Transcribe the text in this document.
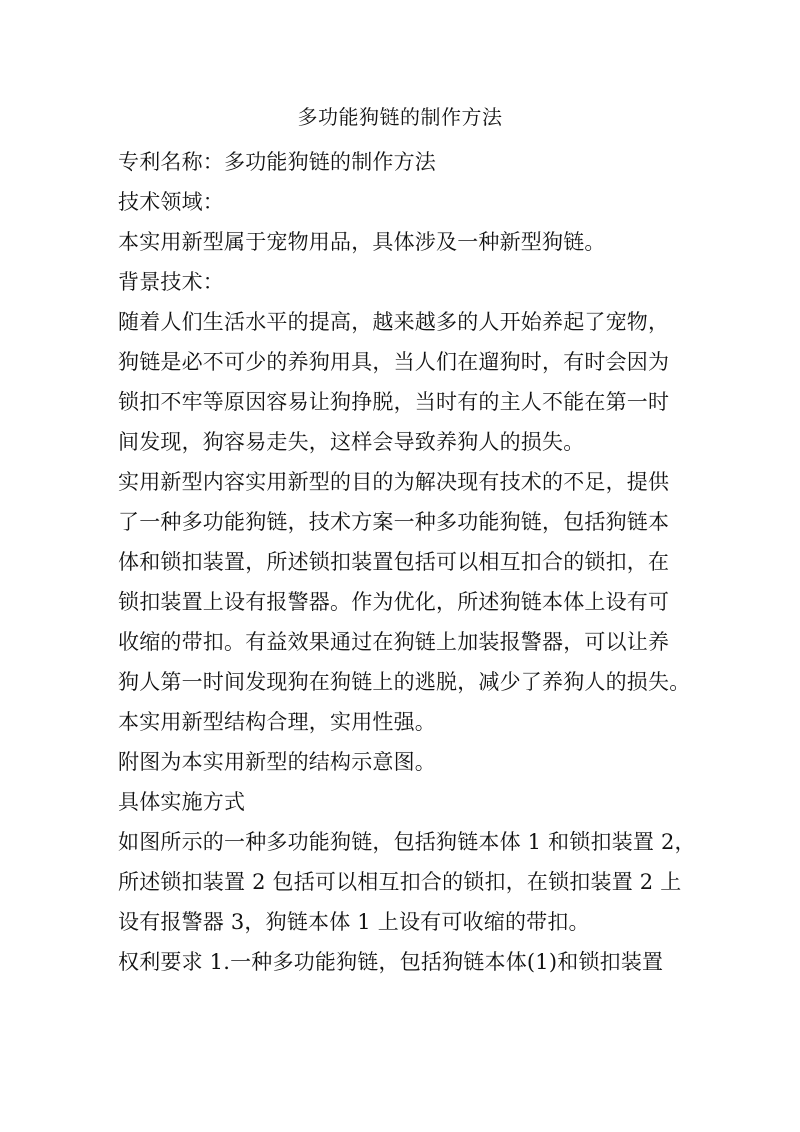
多功能狗链的制作方法
专利名称：多功能狗链的制作方法
技术领域：
本实用新型属于宠物用品，具体涉及一种新型狗链。
背景技术：
随着人们生活水平的提高，越来越多的人开始养起了宠物，
狗链是必不可少的养狗用具，当人们在遛狗时，有时会因为
锁扣不牢等原因容易让狗挣脱，当时有的主人不能在第一时
间发现，狗容易走失，这样会导致养狗人的损失。
实用新型内容实用新型的目的为解决现有技术的不足，提供
了一种多功能狗链，技术方案一种多功能狗链，包括狗链本
体和锁扣装置，所述锁扣装置包括可以相互扣合的锁扣，在
锁扣装置上设有报警器。作为优化，所述狗链本体上设有可
收缩的带扣。有益效果通过在狗链上加装报警器，可以让养
狗人第一时间发现狗在狗链上的逃脱，减少了养狗人的损失。
本实用新型结构合理，实用性强。
附图为本实用新型的结构示意图。
具体实施方式
如图所示的一种多功能狗链，包括狗链本体 1 和锁扣装置 2，
所述锁扣装置 2 包括可以相互扣合的锁扣，在锁扣装置 2 上
设有报警器 3，狗链本体 1 上设有可收缩的带扣。
权利要求 1.一种多功能狗链，包括狗链本体(1)和锁扣装置
